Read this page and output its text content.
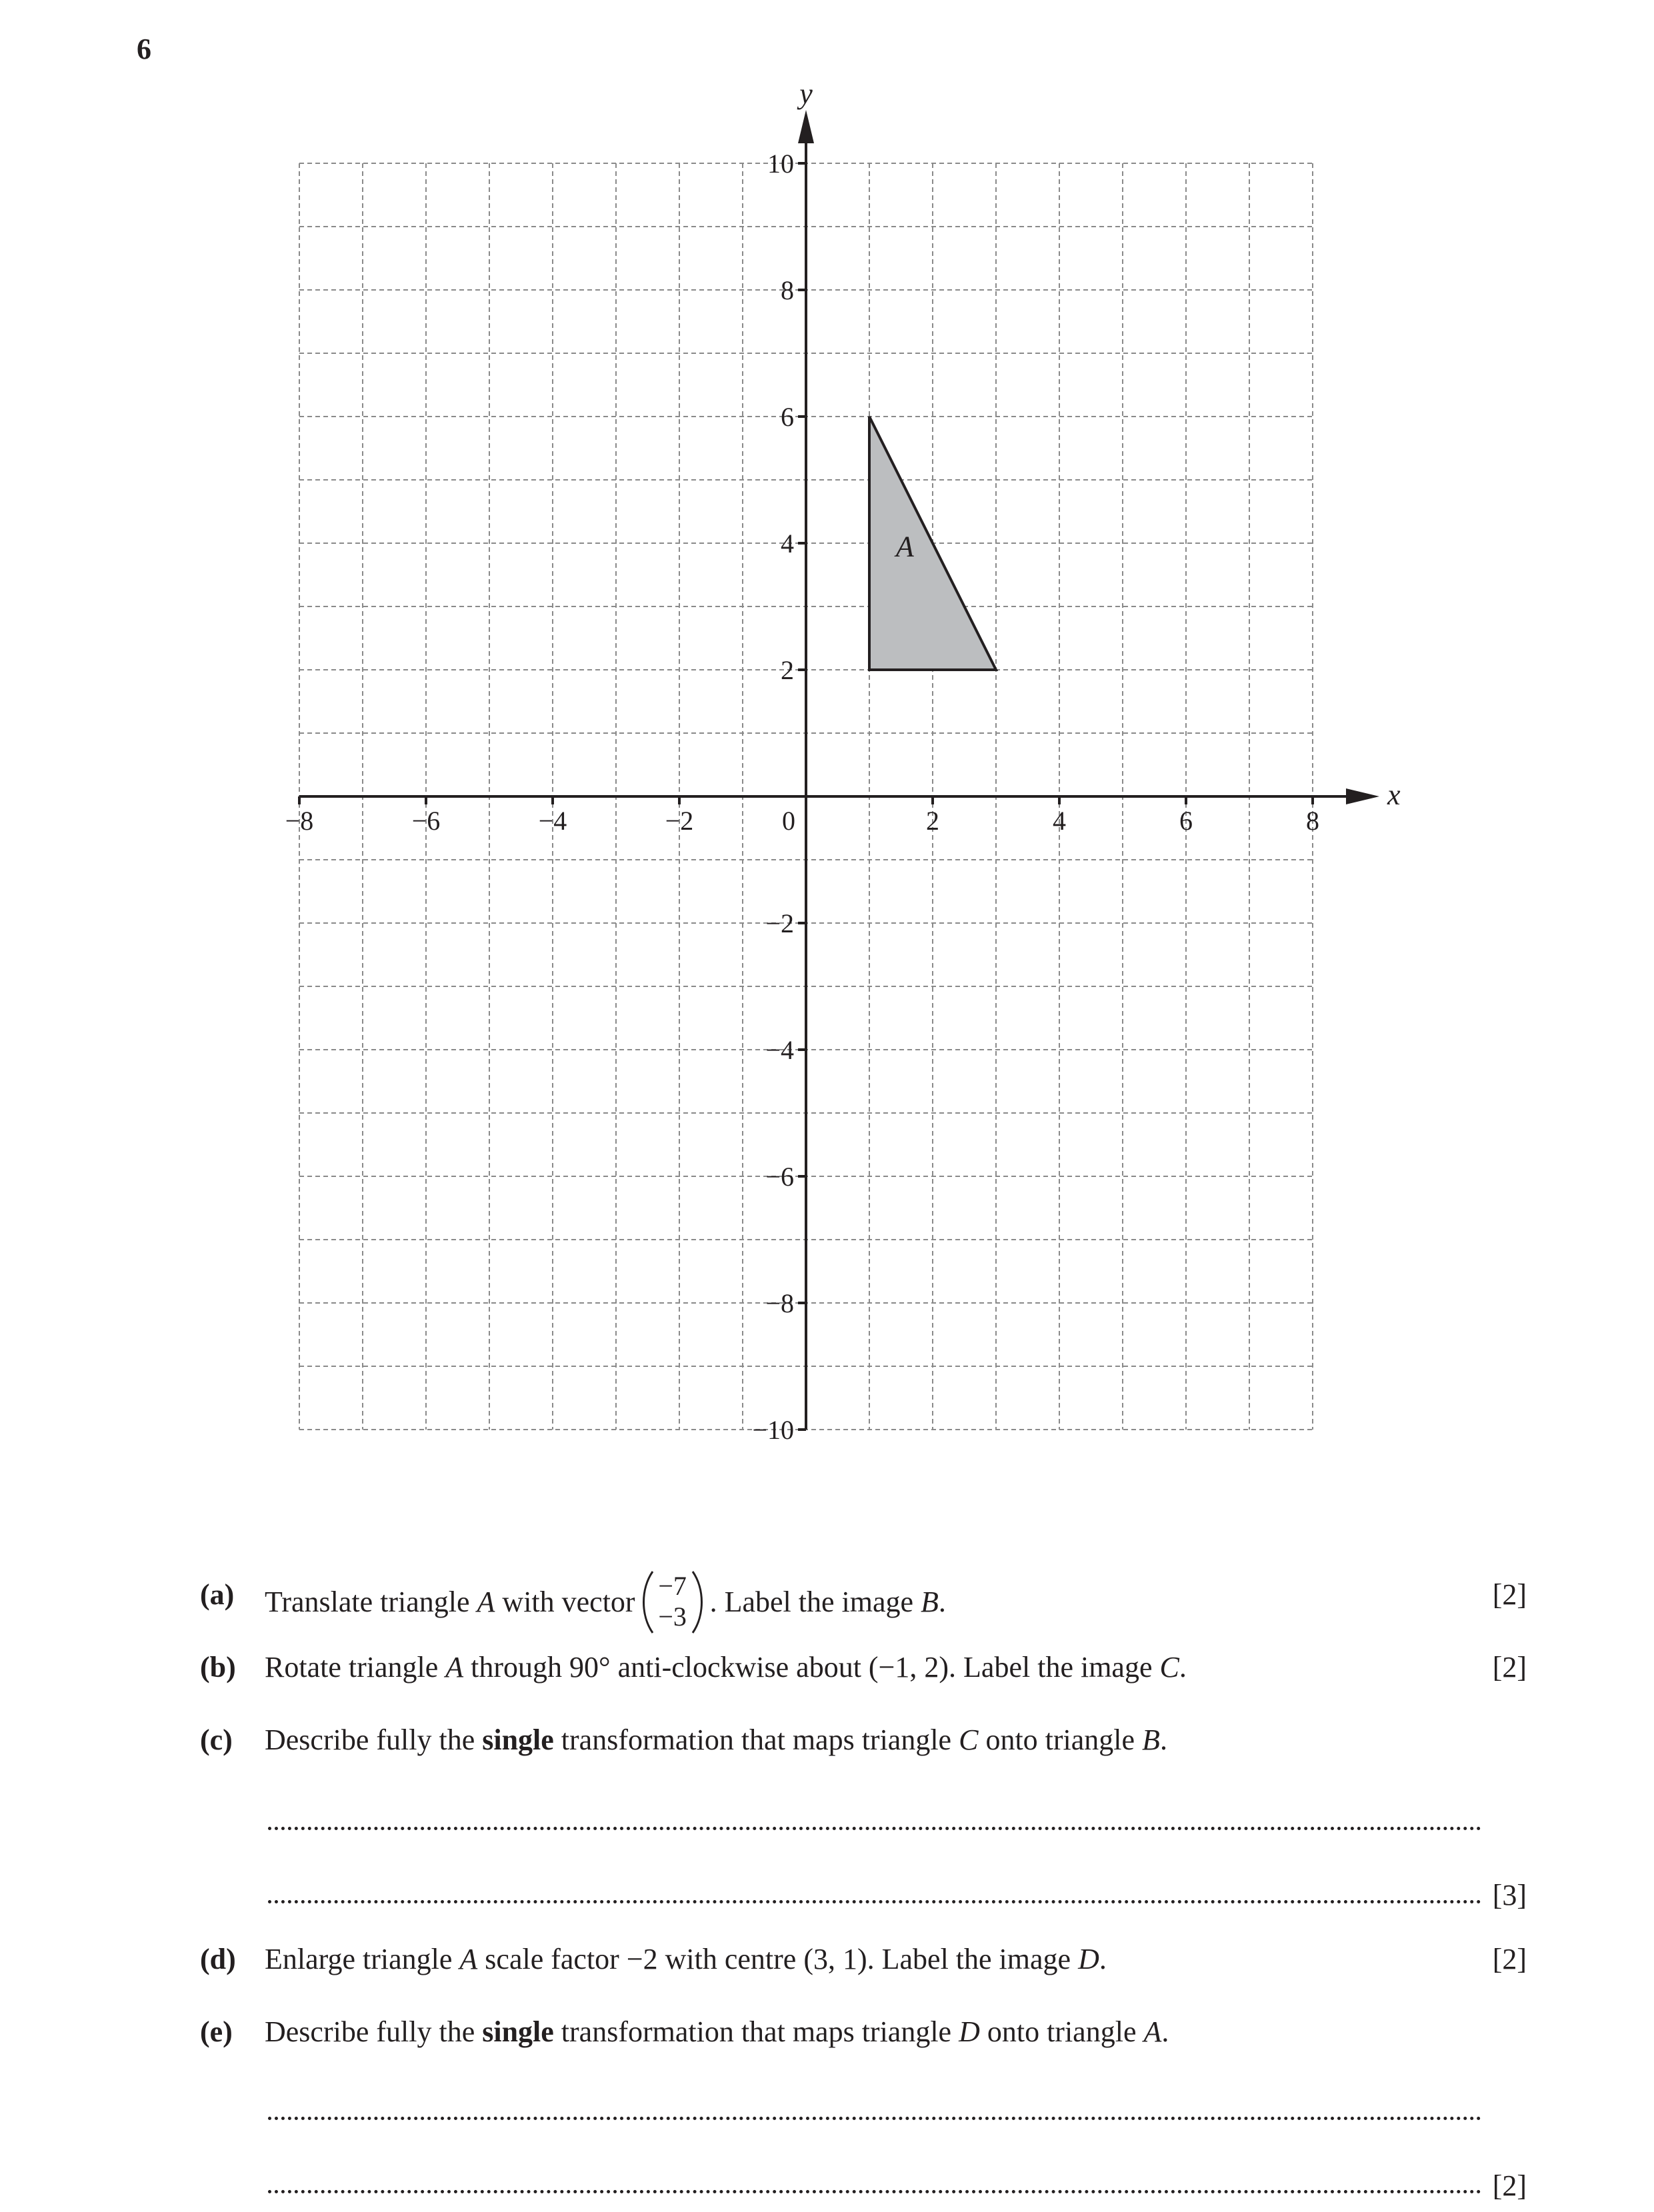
6
A
−8	−6	−4	−2	0	2	4	6	8
10
8
6
4
2
−2
−4
−6
−8
−10
x
y
(a) Translate triangle A with vector −7
−3 . Label the image B.	[2]
(b) Rotate triangle A through 90° anti-clockwise about (−1, 2). Label the image C.	[2]
(c) Describe fully the single transformation that maps triangle C onto triangle B.
[3]
(d) Enlarge triangle A scale factor −2 with centre (3, 1). Label the image D.	[2]
(e) Describe fully the single transformation that maps triangle D onto triangle A.
[2]
